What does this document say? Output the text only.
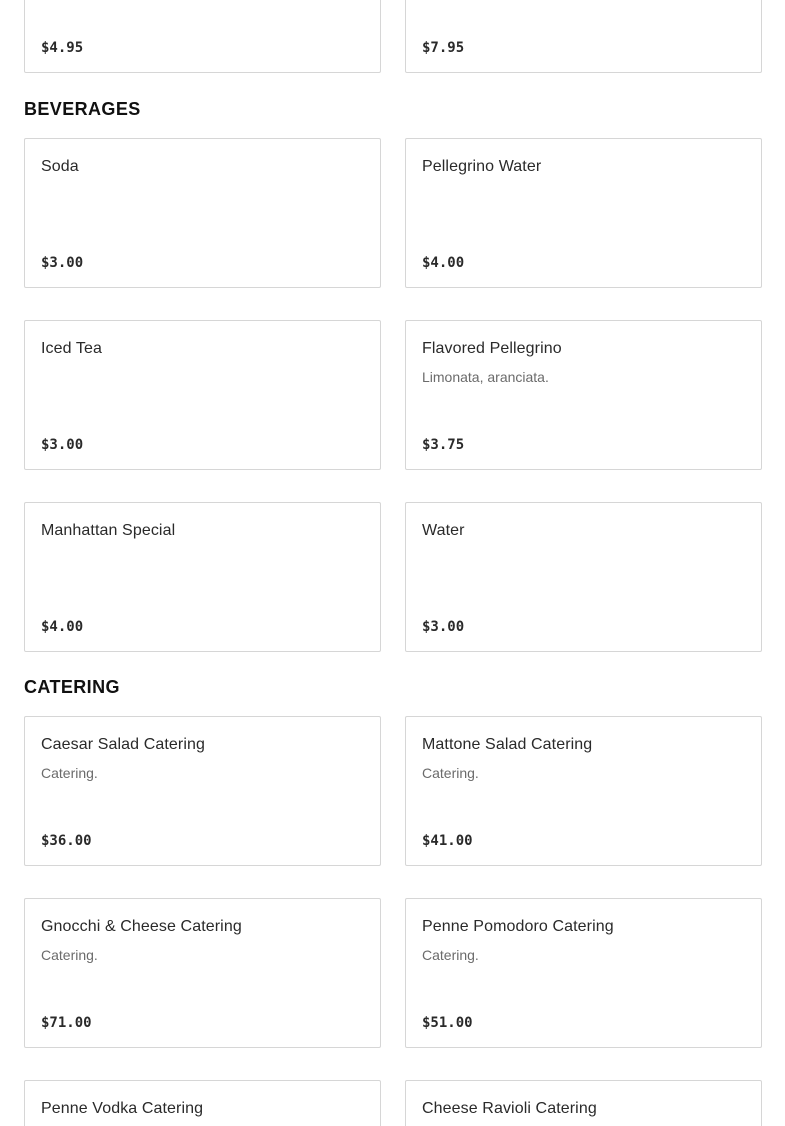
$4.95	$7.95
BEVERAGES
Soda
$3.00
Pellegrino Water
$4.00
Iced Tea
$3.00
Flavored Pellegrino
Limonata, aranciata.
$3.75
Manhattan Special
$4.00
Water
$3.00
CATERING
Caesar Salad Catering
Catering.
$36.00
Mattone Salad Catering
Catering.
$41.00
Gnocchi & Cheese Catering
Catering.
$71.00
Penne Pomodoro Catering
Catering.
$51.00
Penne Vodka Catering	Cheese Ravioli Catering
